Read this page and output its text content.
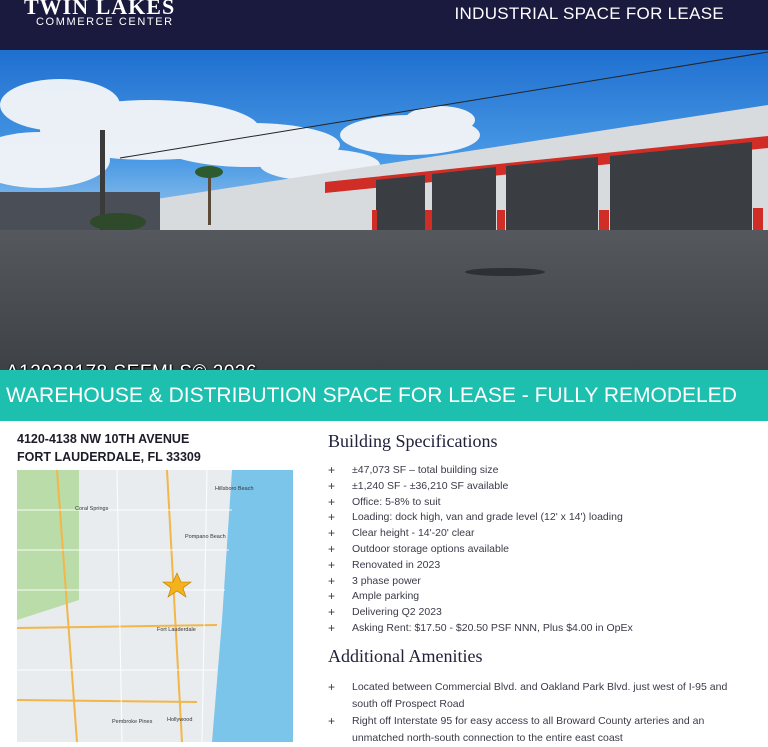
TWIN LAKES
COMMERCE CENTER	INDUSTRIAL SPACE FOR LEASE
WAREHOUSE & DISTRIBUTION SPACE FOR LEASE - FULLY REMODELED
4120-4138 NW 10TH AVENUE
FORT LAUDERDALE, FL 33309
Coral Springs
Pompano Beach
Fort Lauderdale
Hollywood
Pembroke Pines
Hillsboro Beach
Building Specifications
+ ±47,073 SF – total building size
+ ±1,240 SF - ±36,210 SF available
+ Office: 5-8% to suit
+ Loading: dock high, van and grade level (12' x 14') loading
+ Clear height - 14'-20' clear
+ Outdoor storage options available
+ Renovated in 2023
+ 3 phase power
+ Ample parking
+ Delivering Q2 2023
+ Asking Rent: $17.50 - $20.50 PSF NNN, Plus $4.00 in OpEx
Additional Amenities
+ Located between Commercial Blvd. and Oakland Park Blvd. just west of I-95 and south off Prospect Road
+ Right off Interstate 95 for easy access to all Broward County arteries and an unmatched north-south connection to the entire east coast
